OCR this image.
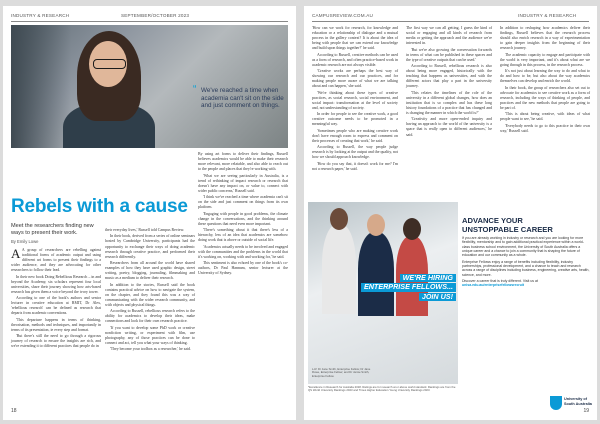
INDUSTRY & RESEARCH	SEPTEMBER/OCTOBER 2023
“ We've reached a time when academia can't sit on the side and just comment on things.

By using art forms to deliver their findings, Russell believes academics would be able to make their research more relevant, more relatable, and also able to reach out to the people and places that they're working with.

'What we are seeing particularly in Australia, is a trend of rethinking of impact research or research that doesn't have any impact on, or value to, connect with wider public concerns,' Russell said.

'I think we've reached a time where academia can't sit on the side and just comment on things from its own platform.

'Engaging with people in good problems, the climate change in the conversations, and the thinking around these questions that need even more important.

'There's something about it that there's less of a hierarchy, less of an idea that academics are somehow doing work that is above or outside of social life.

'Academics actually needs to be involved and engaged with the communities and the problems in the world that it's working on, working with and working for,' he said.

This sentiment is also echoed by one of the book's co-authors, Dr Paul Hannam, senior lecturer at the University of Sydney.

Rebels with a cause
Meet the researchers finding new ways to present their work.
By Emily Lowe

A A group of researchers are rebelling against traditional forms of academic output and using different art forms to present their findings to a wider audience, and they are advocating for other researchers to follow their lead.

In their new book Doing Rebellious Research – in and beyond the Academy, six scholars represent four local universities, share their journey showing how arts-based research has given them a voice beyond the ivory tower.

According to one of the book's authors and senior lecturer in creative education at RMIT, Dr Alex, 'rebellious research' can be defined as research that departs from academic conventions.

'This departure happens in terms of thinking, theorisation, methods and techniques, and importantly in terms of its presentation, ie every step and format.

'But there's still the need to go through a rigorous journey of research to ensure the insights are rich, and we're extending it to different practices that people do in

their everyday lives,' Russell told Campus Review.

In their book, derived from a series of online seminars hosted by Cambridge University, participants had the opportunity to exchange their ways of doing academic research through creative practice, and performed their research differently.

Researchers from all around the world have shared examples of how they have used graphic design, street writing, poetry, blogging, journaling, filmmaking and music as a medium to deliver their research.

In addition to the stories, Russell said the book contains practical advice on how to navigate the system, on the chapter, and they found this was a way of communicating with the wider research community, and with objects and physical things.

According to Russell, rebellious research refers to the ability for academics to develop their ideas, make connections and look for their own research practice.

'If you want to develop some PhD work or creative nonfiction writing, or experiment with film, use photography, any of those practices can be done to connect and act, tell you what your ways of thinking.

'They become your toolbox as a researcher,' he said.

18
CAMPUSREVIEW.COM.AU	INDUSTRY & RESEARCH

'How can we work for research, for knowledge and education or a relationship of dialogue and a mutual process in the gallery context? It is about the idea of being with people that we can extend our knowledge and build upon things together?' he said.

According to Russell, creative methods can be used as a form of research, and often practice-based work in academic research are not always visible.

'Creative works are perhaps the best way of showing our research and our practices, and for making people more aware of what we are talking about and can happen,' she said.

'We're thinking about these types of creative practices, as social research, social environment, and social impact: transformation at the level of society and, not understanding of society.

In order for people to see the creative work, a good creative outcome needs to be promoted in a meaningful way.

'Sometimes people who are making creative work don't have enough room to express and comment on their processes of creating that work,' he said.

According to Russell, the way people judge research is by looking at the output and the quality, not how we should approach knowledge.

'How do you say that, it doesn't work for me? I'm not a research paper,' he said.

The first way we can all getting, I guess the kind of social or engaging and all kinds of research from media or getting the approach and the audience we're interested in.

'But we're also growing the conversation forwards in terms of what can be published in these spaces and the type of creative outputs that can be used.'

According to Russell, rebellious research is also about being more engaged, historically with the teaching that happens as universities, and with the different actors that play a part in the university journey.

'This relates the timelines of the role of the university in a different global changes, how does an institution that is so complex and has these long history foundations of a practice that has changed and is changing the manner in which the world is?'

'Creativity and more open-ended inquiry and having an approach to the world of the university is a space that is really open to different audiences,' he said.

In addition to reshaping how academics deliver their findings, Russell believes that the research process should also enrich research in a way of experimentation to gain deeper insights from the beginning of their research journey.

The academic capacity to engage and participate with the world is very important, and it's about what are we going through in this process, in the research process.

It's not just about learning the way to do and what to do and how to be, but also about the way academics themselves can develop and enrich the world.

In their book, the group of researchers also set out to advocate for academics to see creative work as a form of research, including the ways of thinking of people, and practices and the new methods that people are going to be part of.

'This is about being creative, with ideas of what people want to see,' he said.

'Everybody needs to go to this practice in their own way,' Russell said.

WE'RE HIRING
ENTERPRISE FELLOWS...
JOIN US!
L-R: Dr Jane Smith, Enterprise Fellow; Dr Jane Rowe, Enterprise Fellow; and Dr Jamie Smith, Enterprise Fellow.
ADVANCE YOUR
UNSTOPPABLE CAREER
If you are already working in industry or research and you are looking for more flexibility, mentorship and to gain additional practical experience within a world-class business school environment, the University of South Australia offers a unique career and a chance to join a community that is shaping the future of education and our community as a whole.
Enterprise Fellows enjoy a range of benefits including flexibility, industry partnerships, professional development, and a chance to teach and research across a range of disciplines including business, engineering, creative arts, health, science, and more.
Discover a career that is truly different. Visit us at unisa.edu.au/enterprisefellowsrecruit
*Excellence in Research for Australia 2018. Ratings are for research at or above world standard. Rankings are from the QS World University Rankings 2023 and Times Higher Education Young University Rankings 2023.
University of
South Australia
19
